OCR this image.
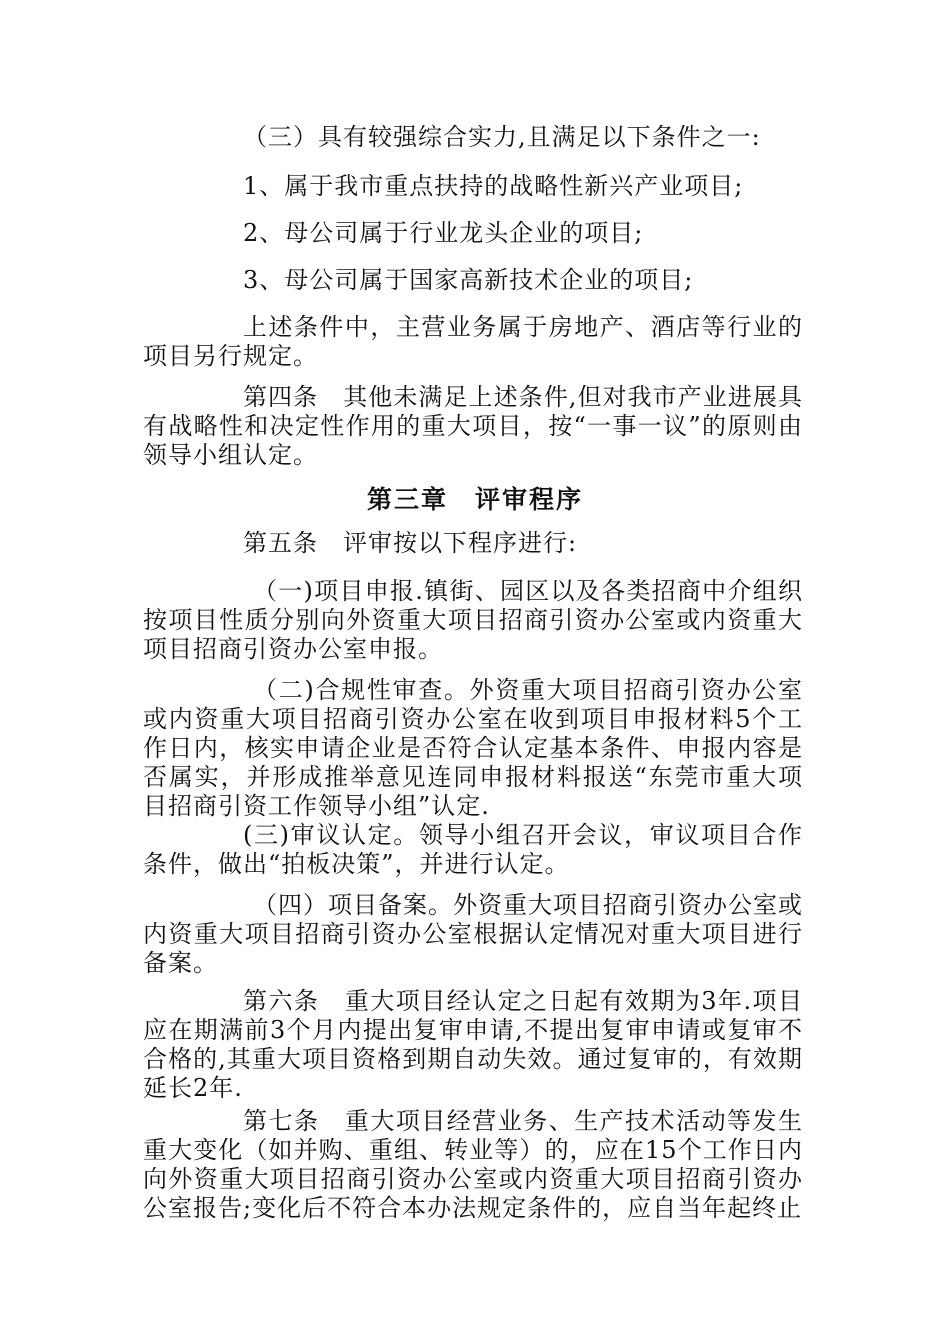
（三）具有较强综合实力,且满足以下条件之一:

1、属于我市重点扶持的战略性新兴产业项目;

2、母公司属于行业龙头企业的项目;

3、母公司属于国家高新技术企业的项目;

上述条件中，主营业务属于房地产、酒店等行业的项目另行规定。

第四条　其他未满足上述条件,但对我市产业进展具有战略性和决定性作用的重大项目，按“一事一议”的原则由领导小组认定。

第三章　评审程序

第五条　评审按以下程序进行:

（一)项目申报.镇街、园区以及各类招商中介组织按项目性质分别向外资重大项目招商引资办公室或内资重大项目招商引资办公室申报。

（二)合规性审查。外资重大项目招商引资办公室或内资重大项目招商引资办公室在收到项目申报材料5个工作日内，核实申请企业是否符合认定基本条件、申报内容是否属实，并形成推举意见连同申报材料报送“东莞市重大项目招商引资工作领导小组”认定.

(三)审议认定。领导小组召开会议，审议项目合作条件，做出“拍板决策”，并进行认定。

（四）项目备案。外资重大项目招商引资办公室或内资重大项目招商引资办公室根据认定情况对重大项目进行备案。

第六条　重大项目经认定之日起有效期为3年.项目应在期满前3个月内提出复审申请,不提出复审申请或复审不合格的,其重大项目资格到期自动失效。通过复审的，有效期延长2年.

第七条　重大项目经营业务、生产技术活动等发生重大变化（如并购、重组、转业等）的，应在15个工作日内向外资重大项目招商引资办公室或内资重大项目招商引资办公室报告;变化后不符合本办法规定条件的，应自当年起终止
